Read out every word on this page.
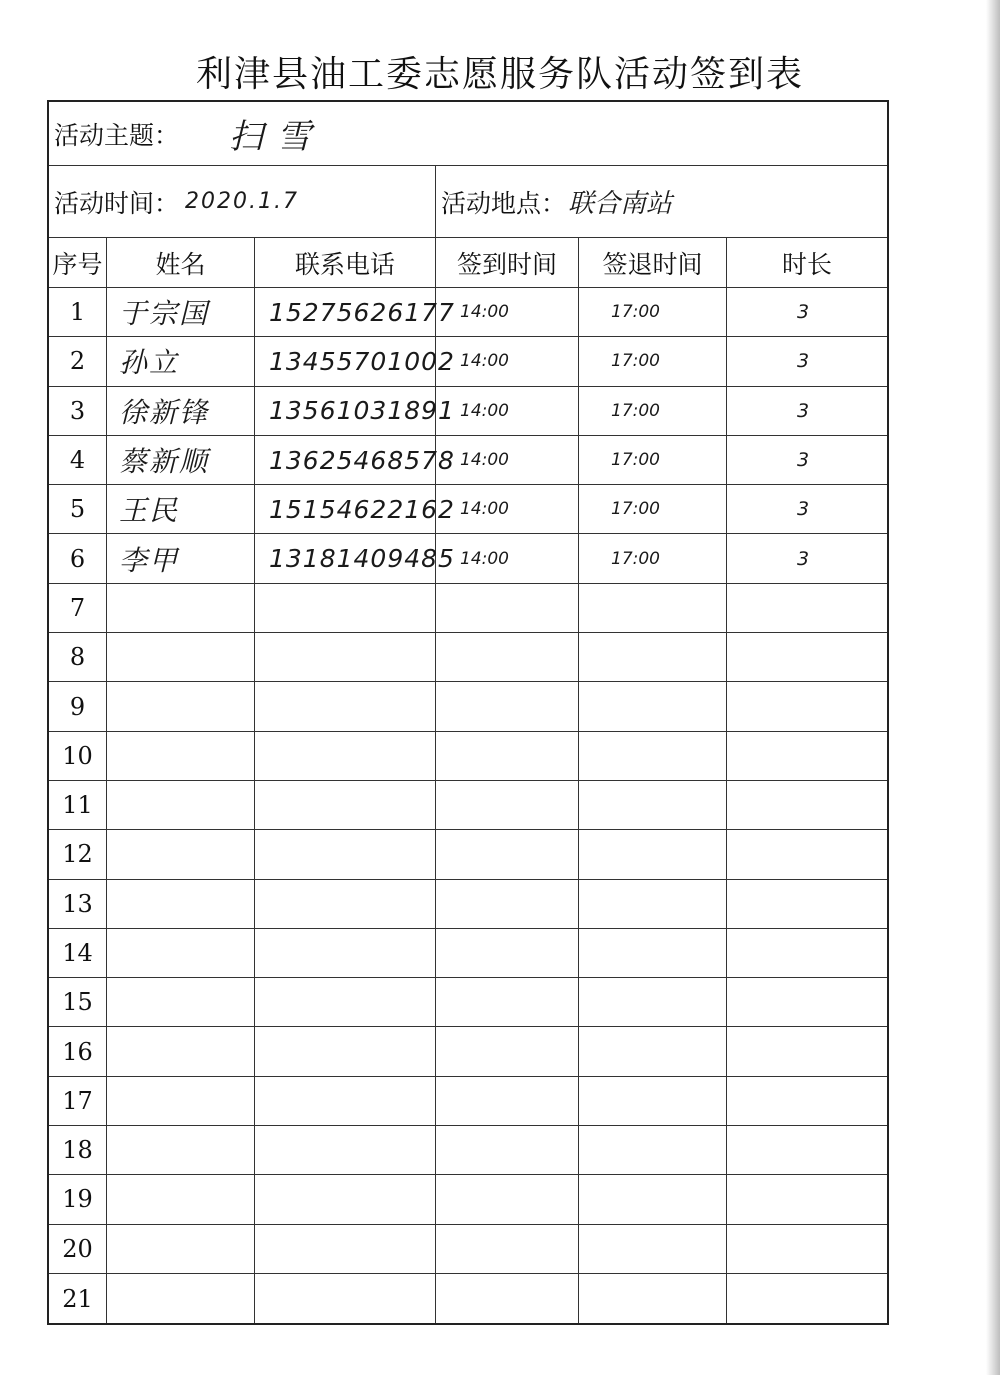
利津县油工委志愿服务队活动签到表
活动主题： 扫雪
活动时间： 2020.1.7	活动地点： 联合南站
序号	姓名	联系电话	签到时间	签退时间	时长
1	于宗国	15275626177 14:00	17:00	3
2	孙立	13455701002 14:00	17:00	3
3	徐新锋	13561031891 14:00	17:00	3
4	蔡新顺	13625468578 14:00	17:00	3
5	王民	15154622162 14:00	17:00	3
6	李甲	13181409485 14:00	17:00	3
7
8
9
10
11
12
13
14
15
16
17
18
19
20
21
